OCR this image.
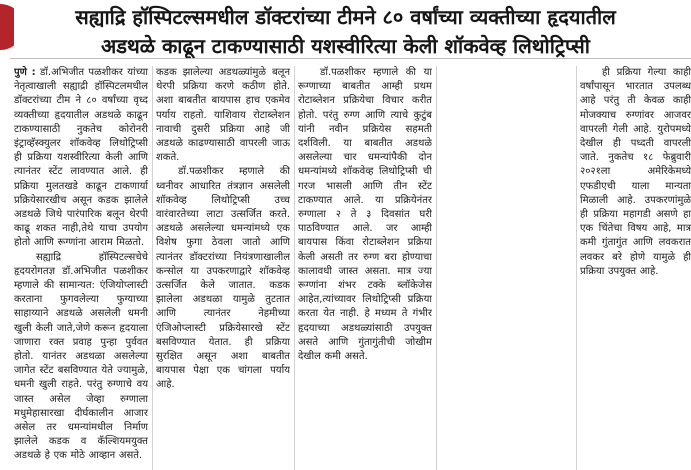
सह्याद्रि हॉस्पिटल्समधील डॉक्टरांच्या टीमने ८० वर्षांच्या व्यक्तीच्या हृदयातील
अडथळे काढून टाकण्यासाठी यशस्वीरित्या केली शॉकवेव्ह लिथोट्रिप्सी

पुणे : डॉ.अभिजीत पळशीकर यांच्या नेतृत्वाखाली सह्याद्री हॉस्पिटलमधील डॉक्टरांच्या टीम ने ८० वर्षांच्या वृध्द व्यक्तीच्या हृदयातील अडथळे काढून टाकण्यासाठी नुकतेच कोरोनरी इंट्राव्हॅस्क्युलर शॉकवेव्ह लिथोट्रिप्सी ही प्रक्रिया यशस्वीरित्या केली आणि त्यानंतर स्टेंट लावण्यात आले. ही प्रक्रिया मुलतखडे काढून टाकणार्या प्रक्रियेसारखीच असून कडक झालेले अडथळे जिथे पारंपारिक बलून थेरपी काढू शकत नाही,तेथे याचा उपयोग होतो आणि रूग्णांना आराम मिळतो.

सह्याद्रि हॉस्पिटल्सचेचे हृदयरोगतज्ञ डॉ.अभिजीत पळशीकर म्हणाले की सामान्यत: एंजियोप्लास्टी करताना फुगवलेल्या फुग्याच्या साहाय्याने अडथळे असलेली धमनी खुली केली जाते,जेणे करून हृदयाला जाणारा रक्त प्रवाह पुन्हा पुर्ववत होतो. यानंतर अडथळा असलेल्या जागेत स्टेंट बसविण्यात येते ज्यामुळे, धमनी खुली राहते. परंतु रुग्णाचे वय जास्त असेल जेव्हा रुग्णाला मधुमेहासारखा दीर्घकालीन आजार असेल तर धमन्यांमधील निर्माण झालेले कडक व कॅल्शियमयुक्त अडथळे हे एक मोठे आव्हान असते.

कडक झालेल्या अडथळ्यांमुळे बलून थेरपी प्रक्रिया करणे कठीण होते. अशा बाबतीत बायपास हाच एकमेव पर्याय राहतो. याशिवाय रोटाब्लेशन नावाची दुसरी प्रक्रिया आहे जी अडथळे काढण्यासाठी वापरली जाऊ शकते.

डॉ.पळशीकर म्हणाले की ध्वनीवर आधारित तंत्रज्ञान असलेली शॉकवेव्ह लिथोट्रिप्सी उच्च वारंवारतेच्या लाटा उत्सर्जित करते. अडथळे असलेल्या धमन्यांमध्ये एक विशेष फुगा ठेवला जातो आणि त्यानंतर डॉक्टरांच्या नियंत्रणाखालील कन्सोल या उपकरणाद्वारे शॉकवेव्ह उत्सर्जित केले जातात. कडक झालेला अडथळा यामुळे तुटतात आणि त्यानंतर नेहमीच्या एंजिओप्लास्टी प्रक्रियेसारखे स्टेंट बसविण्यात येतात. ही प्रक्रिया सुरक्षित असून अशा बाबतीत बायपास पेक्षा एक चांगला पर्याय आहे.

डॉ.पळशीकर म्हणाले की या रूग्णाच्या बाबतीत आम्ही प्रथम रोटाब्लेशन प्रक्रियेचा विचार करीत होतो. परंतु रुग्ण आणि त्याचे कुटुंब यांनी नवीन प्रक्रियेस सहमती दर्शविली. या बाबतीत अडथळे असलेल्या चार धमन्यांपैकी दोन धमन्यांमध्ये शॉकवेव्ह लिथोट्रिप्सी ची गरज भासली आणि तीन स्टेंट टाकण्यात आले. या प्रक्रियेनंतर रुग्णाला २ ते ३ दिवसांत घरी पाठविण्यात आले. जर आम्ही बायपास किंवा रोटाब्लेशन प्रक्रिया केली असती तर रुग्ण बरा होण्याचा कालावधी जास्त असता. मात्र ज्या रूग्णांना शंभर टक्के ब्लॉकेजेस आहेत,त्यांच्यावर लिथोट्रिप्सी प्रक्रिया करता येत नाही. हे मध्यम ते गंभीर हृदयाच्या अडथळ्यांसाठी उपयुक्त असते आणि गुंतागुंतीची जोखीम देखील कमी असते.

ही प्रक्रिया गेल्या काही वर्षांपासून भारतात उपलब्ध आहे परंतु ती केवळ काही मोजक्याच रुग्णांवर आजवर वापरली गेली आहे. युरोपमध्ये देखील ही पध्दती वापरली जाते. नुकतेच १८ फेब्रुवारी २०२१ला अमेरिकेमध्ये एफडीएची याला मान्यता मिळाली आहे. उपकरणांमुळे ही प्रक्रिया महागडी असणे हा एक चिंतेचा विषय आहे, मात्र कमी गुंतागुंत आणि लवकरात लवकर बरे होणे यामुळे ही प्रक्रिया उपयुक्त आहे.
